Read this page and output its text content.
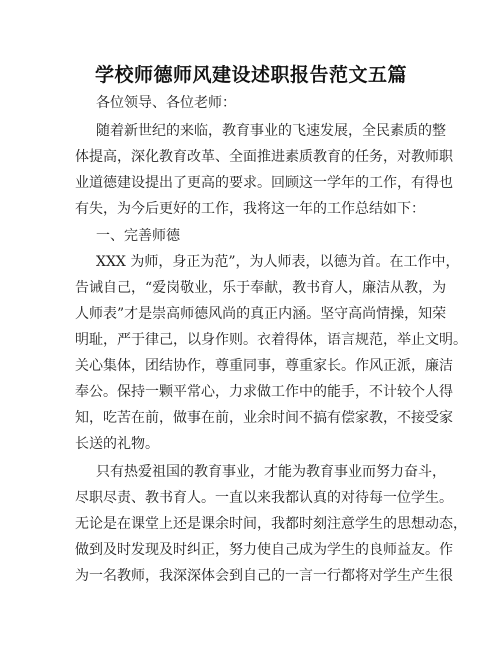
学校师德师风建设述职报告范文五篇
各位领导、各位老师：
随着新世纪的来临，教育事业的飞速发展，全民素质的整
体提高，深化教育改革、全面推进素质教育的任务，对教师职
业道德建设提出了更高的要求。回顾这一学年的工作，有得也
有失，为今后更好的工作，我将这一年的工作总结如下：
一、完善师德
XXX 为师，身正为范”，为人师表，以德为首。在工作中，
告诫自己，“爱岗敬业，乐于奉献，教书育人，廉洁从教，为
人师表”才是崇高师德风尚的真正内涵。坚守高尚情操，知荣
明耻，严于律己，以身作则。衣着得体，语言规范，举止文明。
关心集体，团结协作，尊重同事，尊重家长。作风正派，廉洁
奉公。保持一颗平常心，力求做工作中的能手，不计较个人得
知，吃苦在前，做事在前，业余时间不搞有偿家教，不接受家
长送的礼物。
只有热爱祖国的教育事业，才能为教育事业而努力奋斗，
尽职尽责、教书育人。一直以来我都认真的对待每一位学生。
无论是在课堂上还是课余时间，我都时刻注意学生的思想动态，
做到及时发现及时纠正，努力使自己成为学生的良师益友。作
为一名教师，我深深体会到自己的一言一行都将对学生产生很
